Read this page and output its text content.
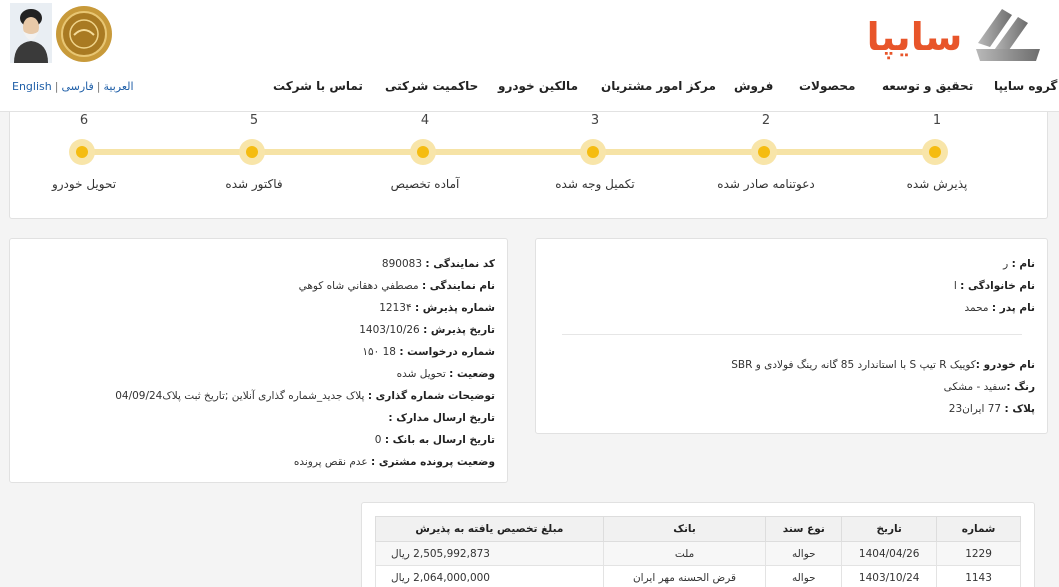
سایپا
English |	العربية|فارسی	گروه سایپا
تحقیق و توسعه
محصولات
فروش
مرکز امور مشتریان
مالکین خودرو
حاکمیت شرکتی
تماس با شرکت
1
پذیرش شده
2
دعوتنامه صادر شده
3
تکمیل وجه شده
4
آماده تخصیص
5
فاکتور شده
6
تحویل خودرو
نام : ر
نام خانوادگی : ا
نام پدر : محمد
نام خودرو :کوییک R تیپ S با استاندارد 85 گانه رینگ فولادی و SBR
رنگ :سفید - مشکی
پلاک : 77 ایران23
کد نمایندگی : 890083
نام نمایندگی : مصطفي دهقاني شاه کوهي
شماره پذیرش : 1213۴
تاریخ پذیرش : 1403/10/26
شماره درخواست : 18 ۱۵۰
وضعیت : تحویل شده
توضیحات شماره گذاری : پلاک جدید_شماره گذاری آنلاین ;تاریخ ثبت پلاک04/09/24
تاریخ ارسال مدارک :
تاریخ ارسال به بانک : 0
وضعیت پرونده مشتری : عدم نقص پرونده
شماره	تاریخ	نوع سند	بانک	مبلغ تخصیص یافته به پذیرش
1229	1404/04/26	حواله	ملت	2,505,992,873 ریال
1143	1403/10/24	حواله	قرض الحسنه مهر ایران	2,064,000,000 ریال
